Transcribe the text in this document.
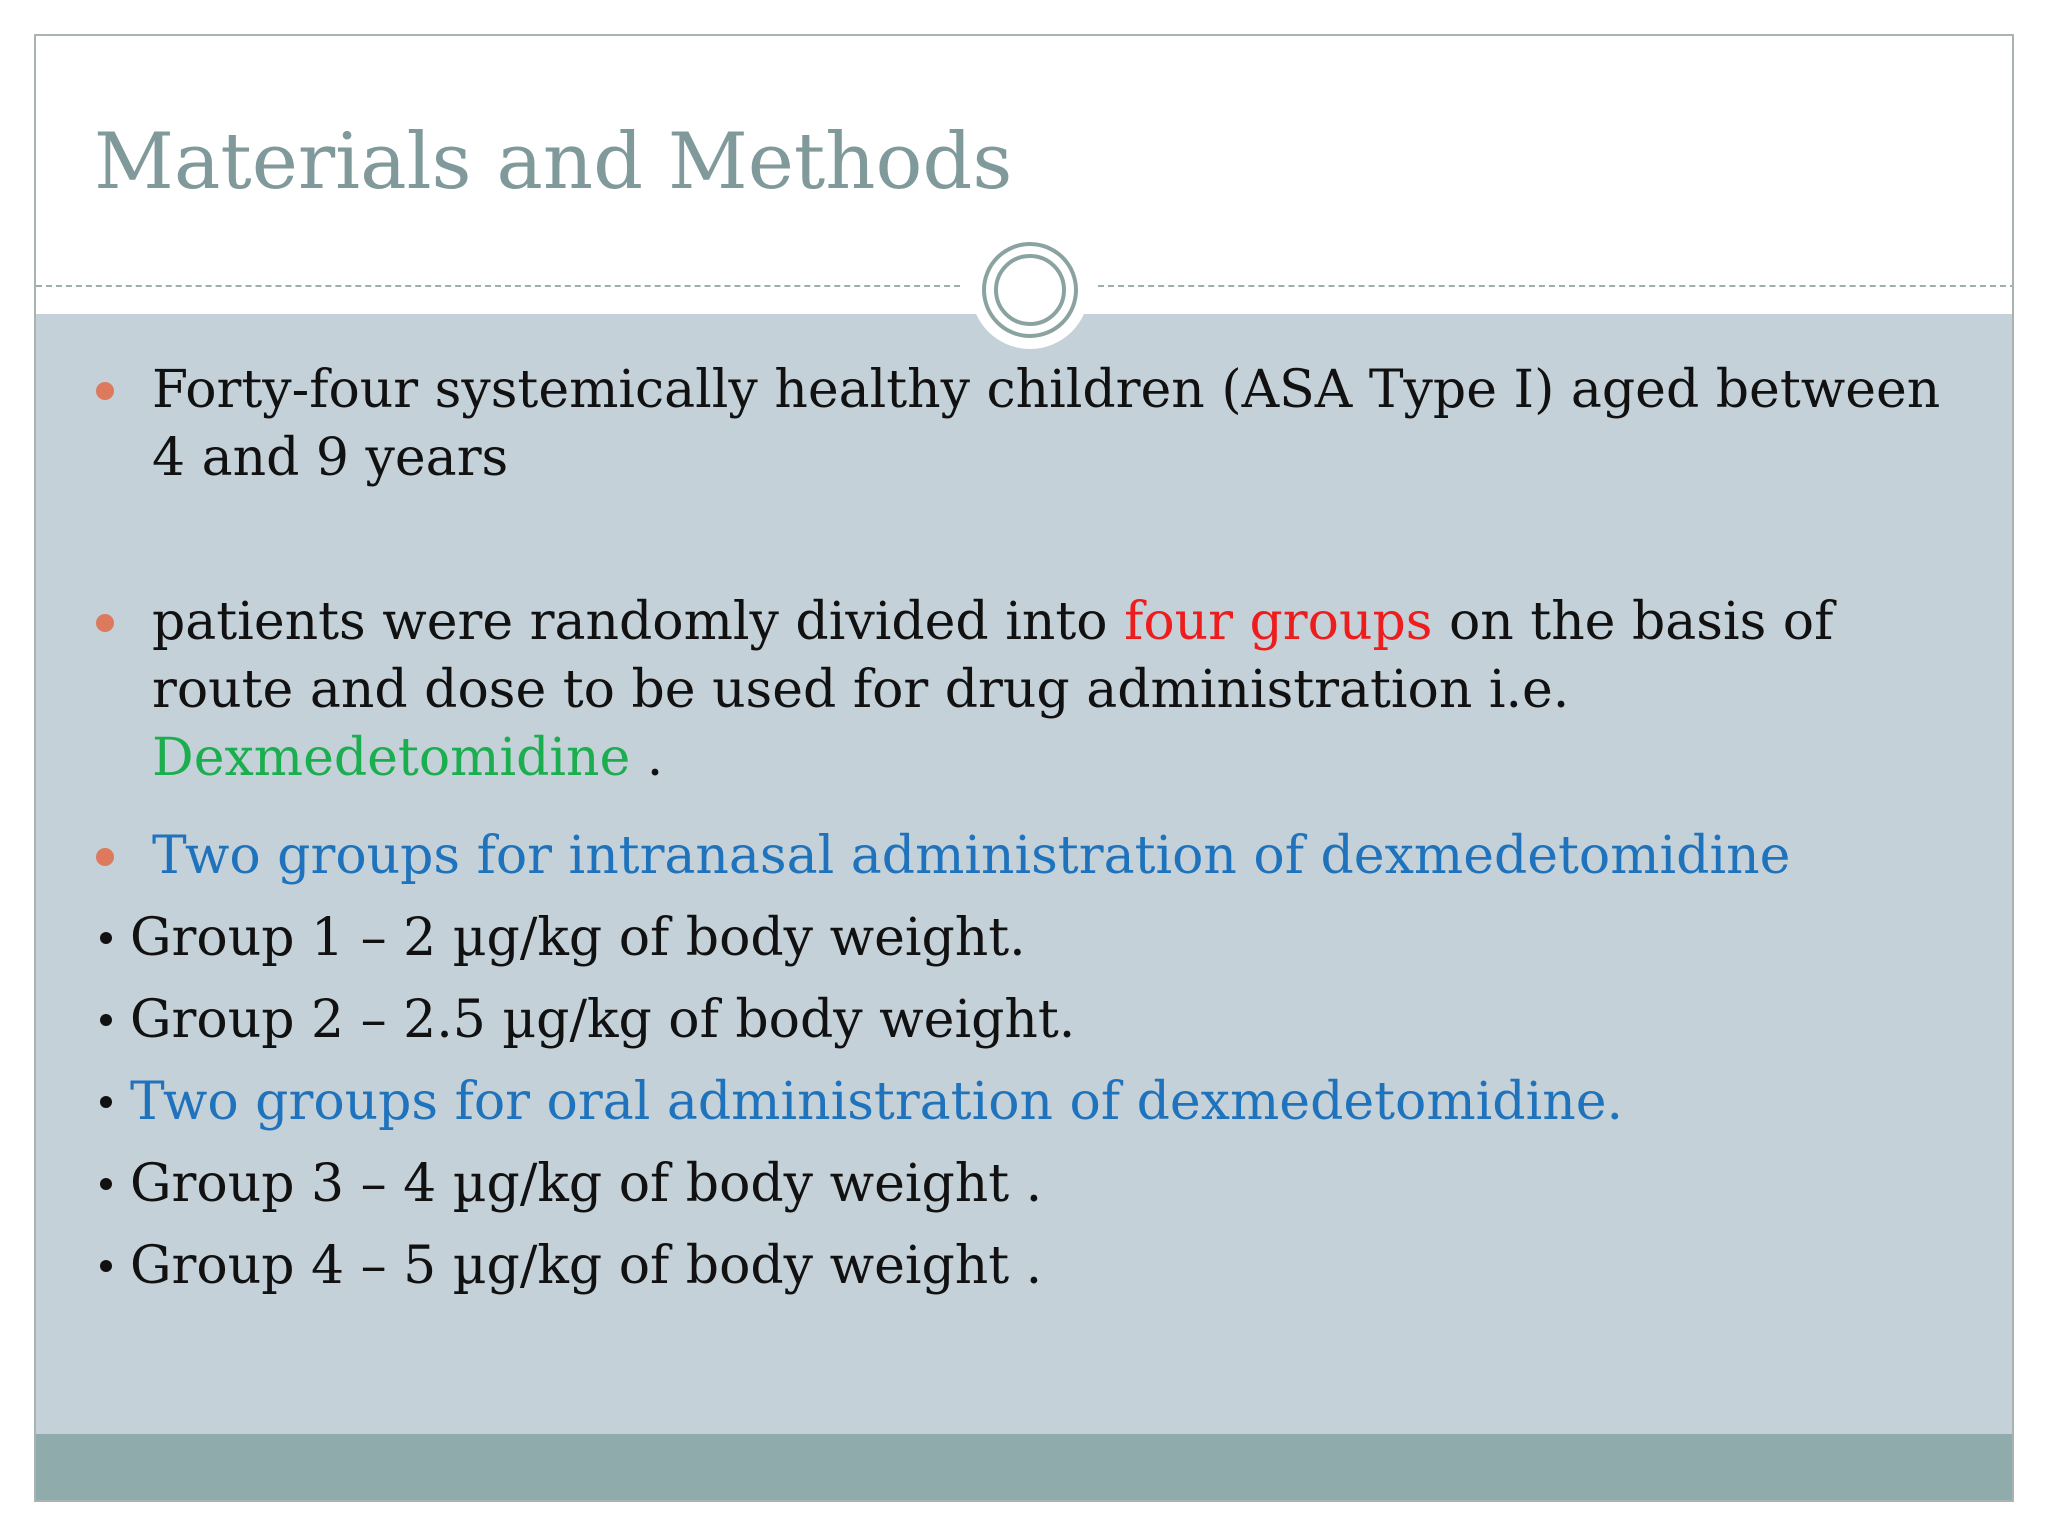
Materials and Methods

Forty-four systemically healthy children (ASA Type I) aged between 4 and 9 years

patients were randomly divided into four groups on the basis of route and dose to be used for drug administration i.e. Dexmedetomidine .

Two groups for intranasal administration of dexmedetomidine

Group 1 – 2 µg/kg of body weight.

Group 2 – 2.5 µg/kg of body weight.

Two groups for oral administration of dexmedetomidine.

Group 3 – 4 µg/kg of body weight .

Group 4 – 5 µg/kg of body weight .
